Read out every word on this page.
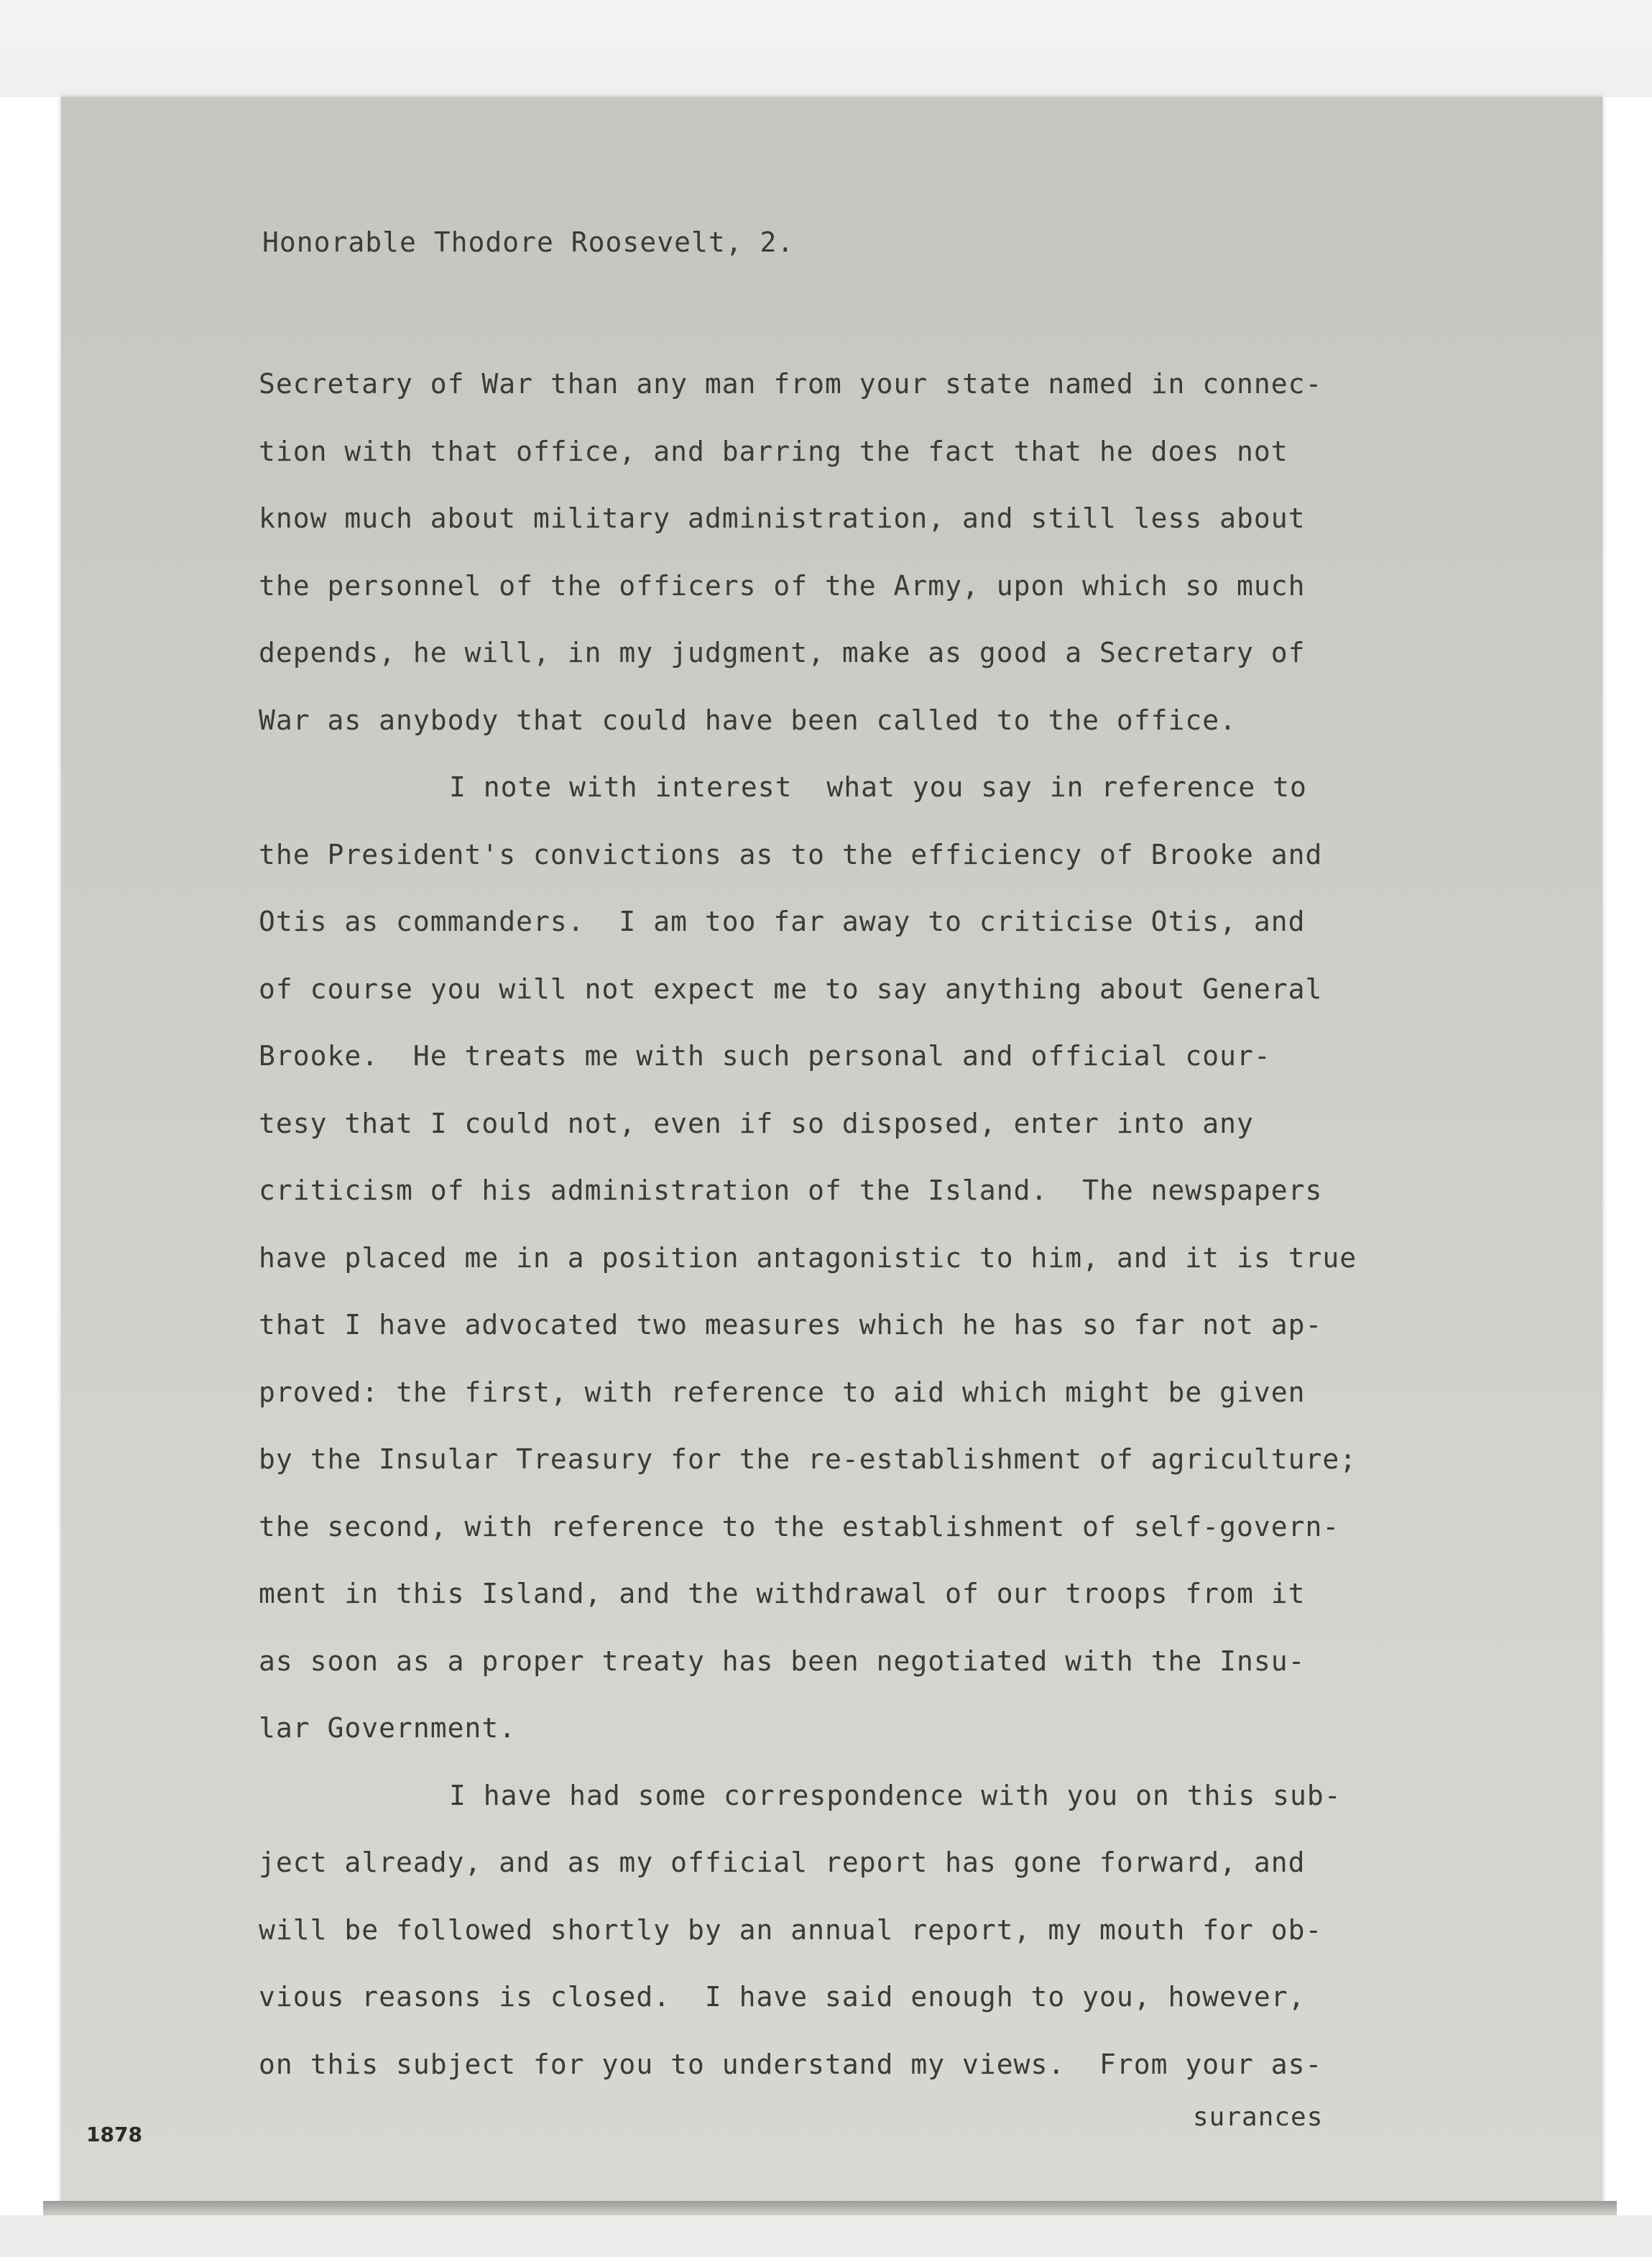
Honorable Thodore Roosevelt, 2.
Secretary of War than any man from your state named in connec-
tion with that office, and barring the fact that he does not
know much about military administration, and still less about
the personnel of the officers of the Army, upon which so much
depends, he will, in my judgment, make as good a Secretary of
War as anybody that could have been called to the office.
I note with interest  what you say in reference to
the President's convictions as to the efficiency of Brooke and
Otis as commanders.  I am too far away to criticise Otis, and
of course you will not expect me to say anything about General
Brooke.  He treats me with such personal and official cour-
tesy that I could not, even if so disposed, enter into any
criticism of his administration of the Island.  The newspapers
have placed me in a position antagonistic to him, and it is true
that I have advocated two measures which he has so far not ap-
proved: the first, with reference to aid which might be given
by the Insular Treasury for the re-establishment of agriculture;
the second, with reference to the establishment of self-govern-
ment in this Island, and the withdrawal of our troops from it
as soon as a proper treaty has been negotiated with the Insu-
lar Government.
I have had some correspondence with you on this sub-
ject already, and as my official report has gone forward, and
will be followed shortly by an annual report, my mouth for ob-
vious reasons is closed.  I have said enough to you, however,
on this subject for you to understand my views.  From your as-
surances
1878
